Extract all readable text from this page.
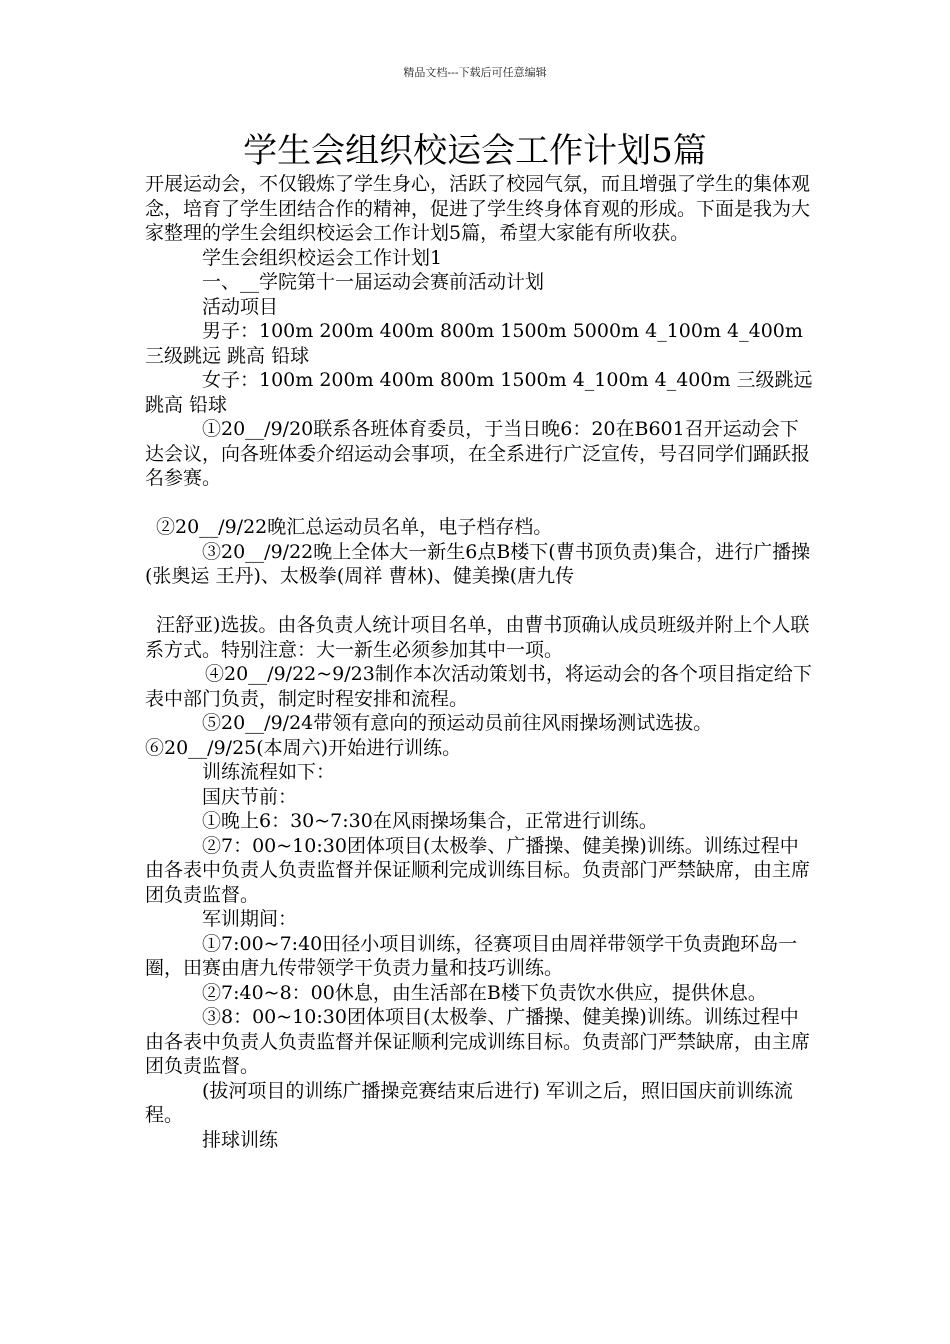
精品文档---下载后可任意编辑
学生会组织校运会工作计划5篇

开展运动会，不仅锻炼了学生身心，活跃了校园气氛，而且增强了学生的集体观念，培育了学生团结合作的精神，促进了学生终身体育观的形成。下面是我为大家整理的学生会组织校运会工作计划5篇，希望大家能有所收获。

学生会组织校运会工作计划1

一、__学院第十一届运动会赛前活动计划

活动项目

男子：100m 200m 400m 800m 1500m 5000m 4_100m 4_400m 三级跳远 跳高 铅球

女子：100m 200m 400m 800m 1500m 4_100m 4_400m 三级跳远 跳高 铅球

①20__/9/20联系各班体育委员，于当日晚6：20在B601召开运动会下达会议，向各班体委介绍运动会事项，在全系进行广泛宣传，号召同学们踊跃报名参赛。

②20__/9/22晚汇总运动员名单，电子档存档。

③20__/9/22晚上全体大一新生6点B楼下(曹书顶负责)集合，进行广播操(张奥运 王丹)、太极拳(周祥 曹林)、健美操(唐九传

汪舒亚)选拔。由各负责人统计项目名单，由曹书顶确认成员班级并附上个人联系方式。特别注意：大一新生必须参加其中一项。

④20__/9/22~9/23制作本次活动策划书，将运动会的各个项目指定给下表中部门负责，制定时程安排和流程。

⑤20__/9/24带领有意向的预运动员前往风雨操场测试选拔。

⑥20__/9/25(本周六)开始进行训练。

训练流程如下：

国庆节前：

①晚上6：30~7:30在风雨操场集合，正常进行训练。

②7：00~10:30团体项目(太极拳、广播操、健美操)训练。训练过程中由各表中负责人负责监督并保证顺利完成训练目标。负责部门严禁缺席，由主席团负责监督。

军训期间：

①7:00~7:40田径小项目训练，径赛项目由周祥带领学干负责跑环岛一圈，田赛由唐九传带领学干负责力量和技巧训练。

②7:40~8：00休息，由生活部在B楼下负责饮水供应，提供休息。

③8：00~10:30团体项目(太极拳、广播操、健美操)训练。训练过程中由各表中负责人负责监督并保证顺利完成训练目标。负责部门严禁缺席，由主席团负责监督。

(拔河项目的训练广播操竞赛结束后进行) 军训之后，照旧国庆前训练流程。

排球训练
